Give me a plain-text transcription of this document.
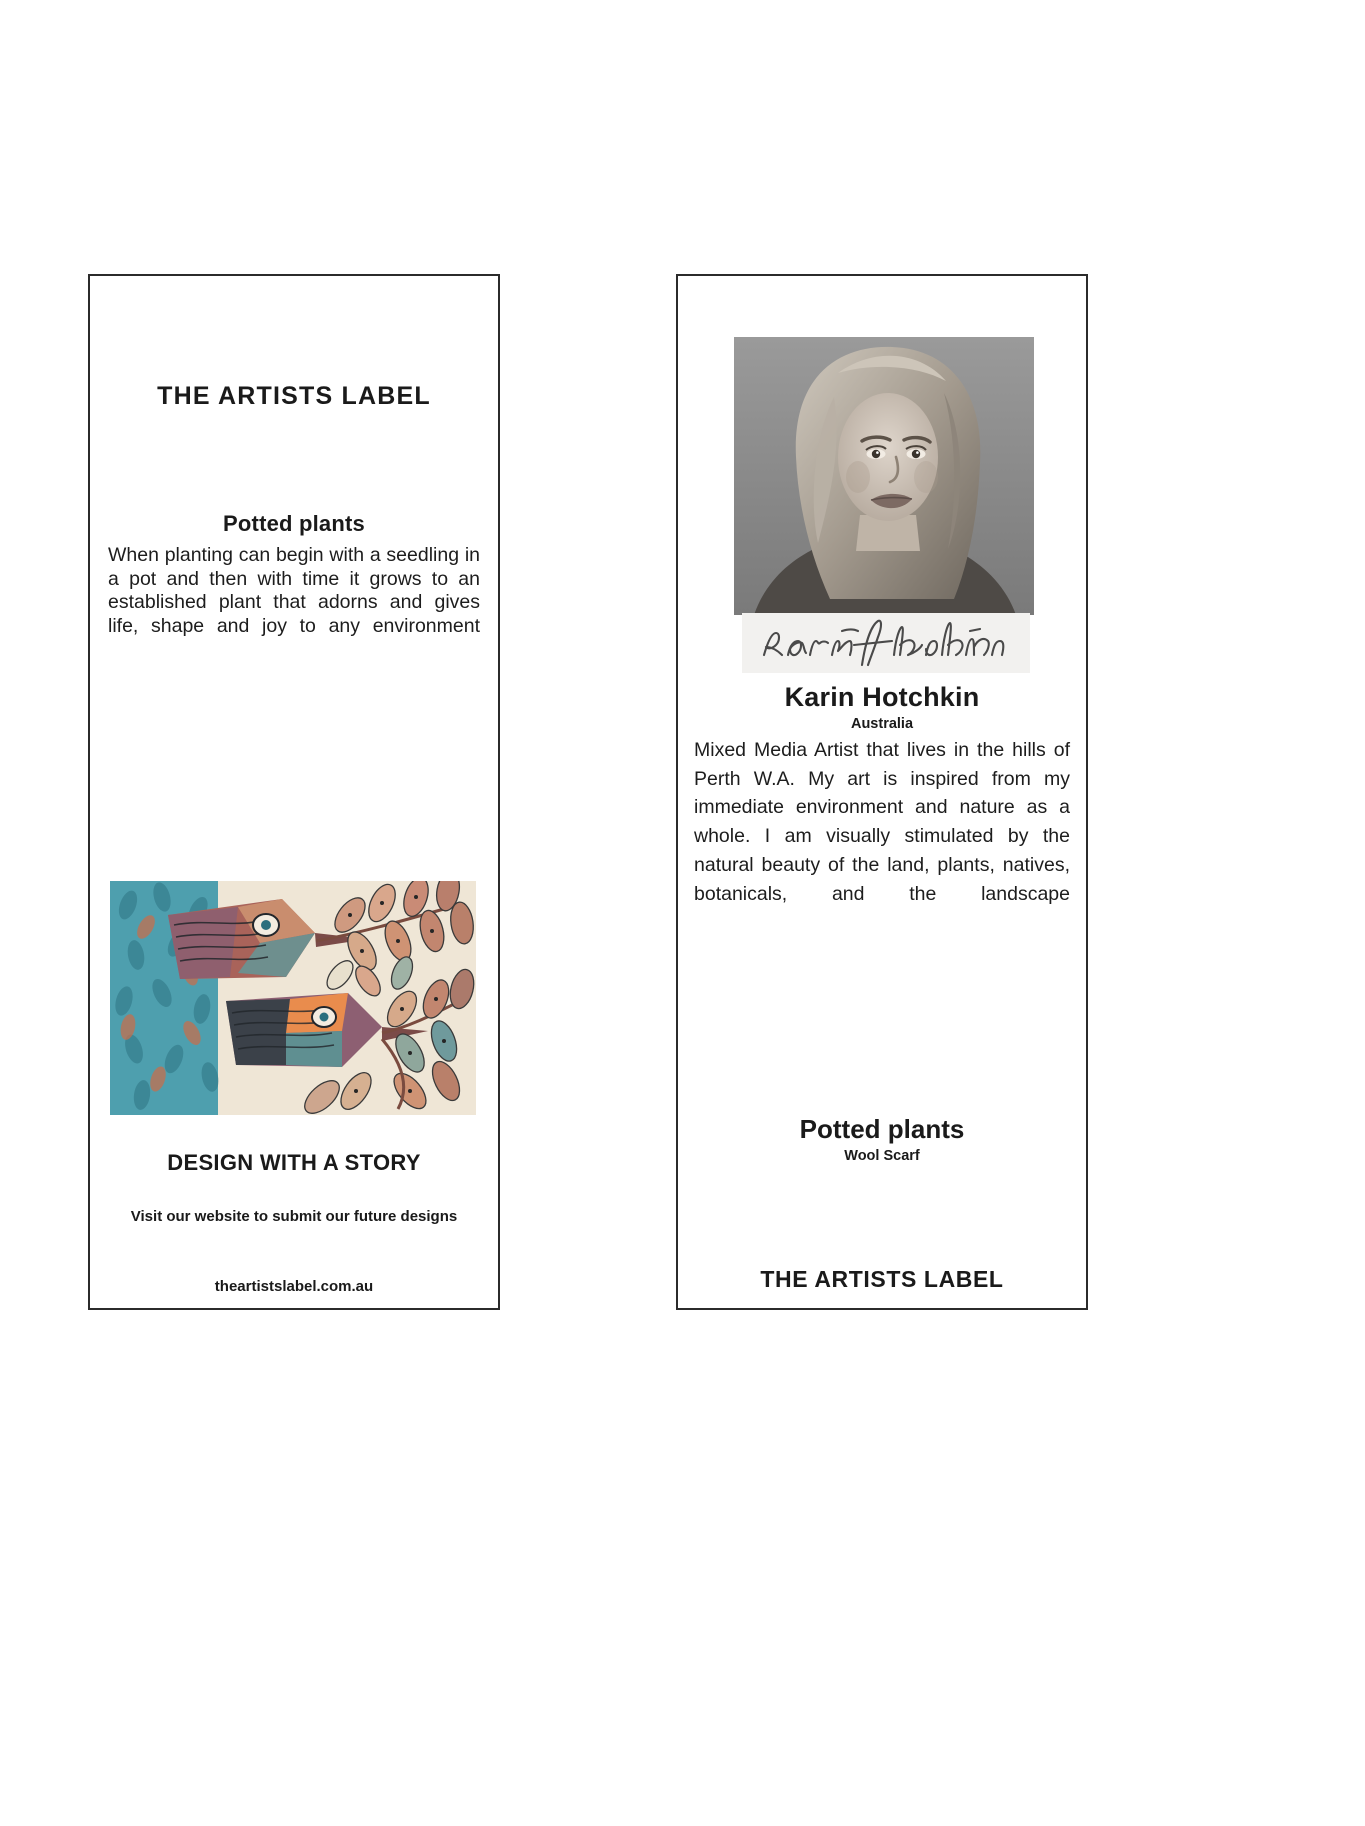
THE ARTISTS LABEL
Potted plants
When planting can begin with a seedling in a pot and then with time it grows to an established plant that adorns and gives life, shape and joy to any environment
DESIGN WITH A STORY
Visit our website to submit our future designs
theartistslabel.com.au
Karin Hotchkin
Australia
Mixed Media Artist that lives in the hills of Perth W.A. My art is inspired from my immediate environment and nature as a whole. I am visually stimulated by the natural beauty of the land, plants, natives, botanicals, and the landscape
Potted plants
Wool Scarf
THE ARTISTS LABEL
